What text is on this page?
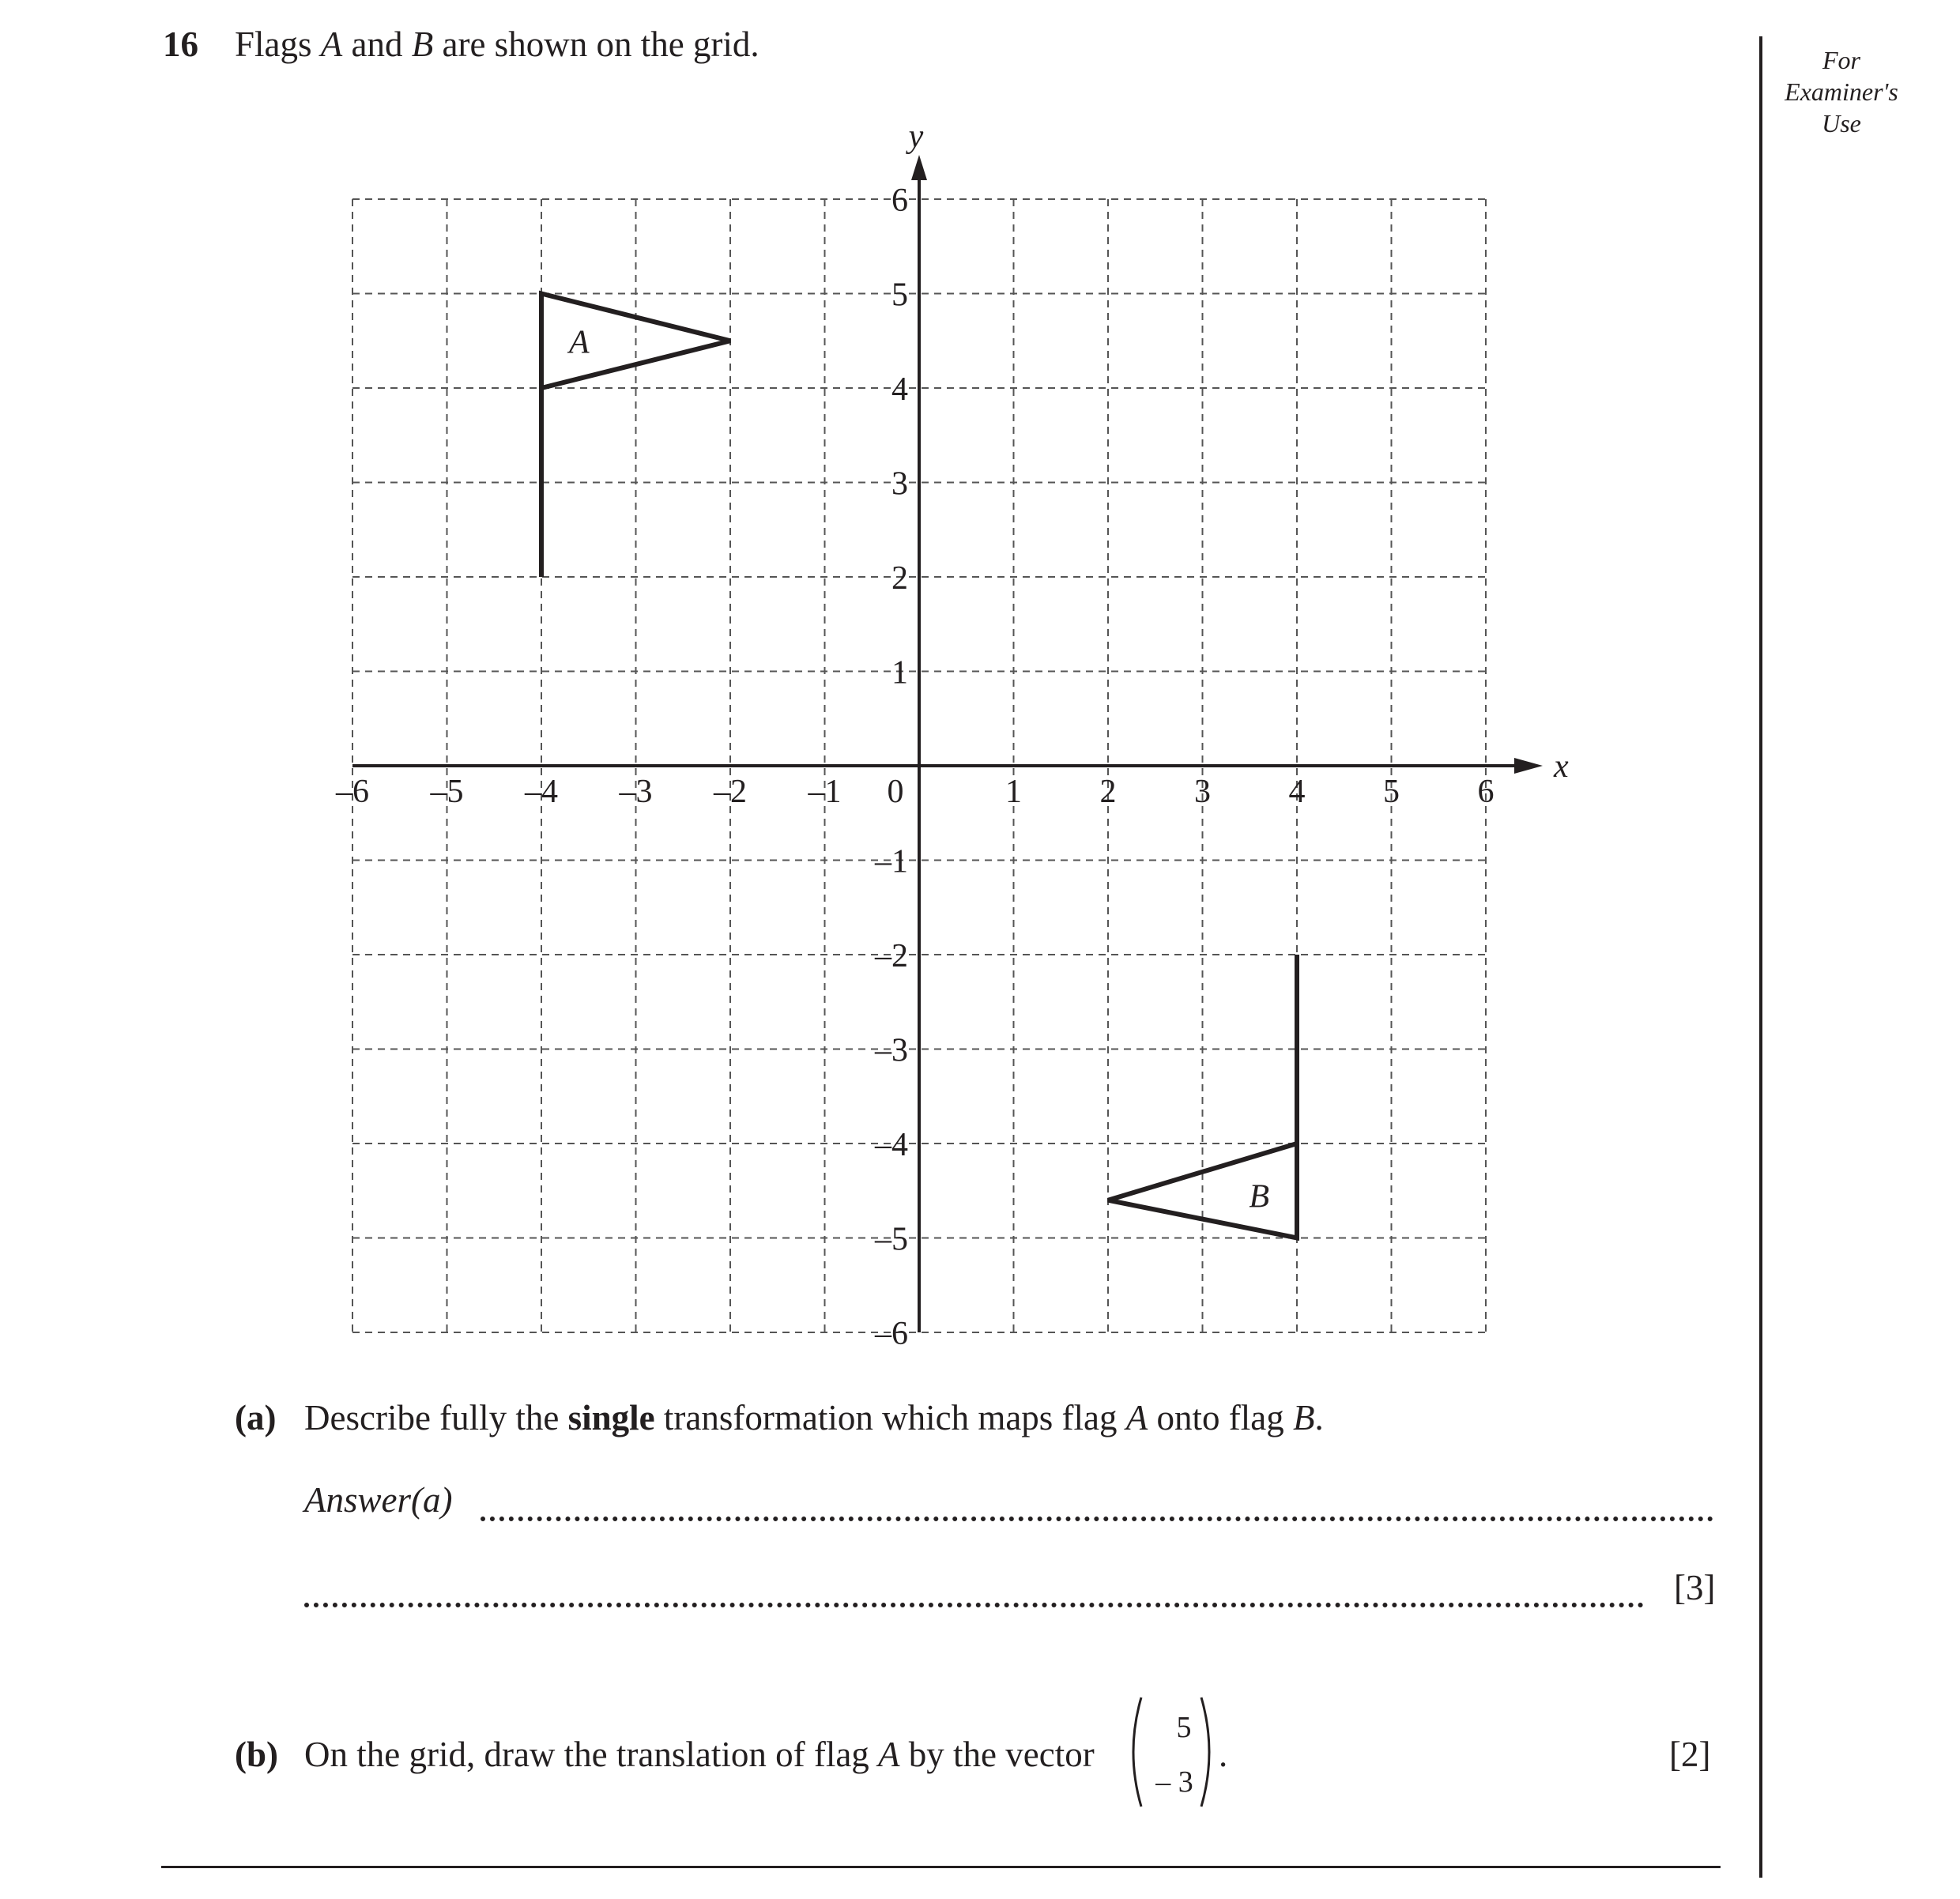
16 Flags A and B are shown on the grid.	For
Examiner's
Use
x
y
–6 –5 –4 –3 –2 –1 0	1 2 3 4 5 6
6
5
4
3
2
1
–1
–2
–3
–4
–5
–6
A
B
(a) Describe fully the single transformation which maps flag A onto flag B.
Answer(a)
[3]
(b) On the grid, draw the translation of flag A by the vector
5
– 3
.	[2]
